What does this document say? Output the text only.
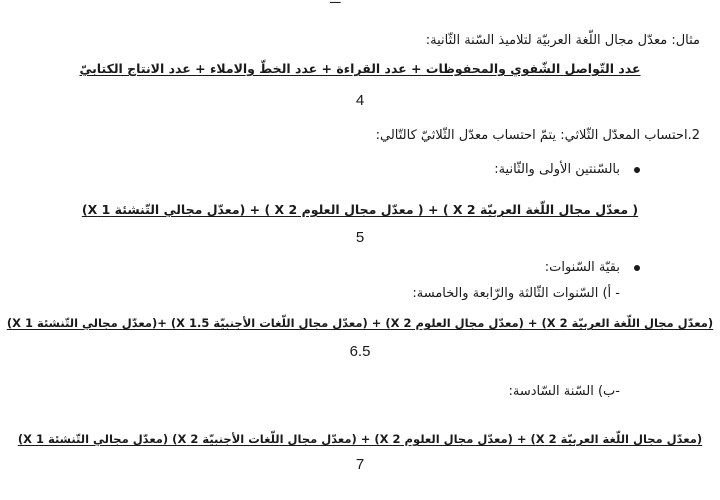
مثال: معدّل مجال اللّغة العربيّة لتلاميذ السّنة الثّانية:
عدد التّواصل الشّفوي والمحفوظات + عدد القراءة + عدد الخطّ والاملاء + عدد الانتاج الكتابيّ
4
2.احتساب المعدّل الثّلاثي: يتمّ احتساب معدّل الثّلاثيّ كالتّالي:
بالسّنتين الأولى والثّانية:
( معدّل مجال اللّغة العربيّة 2 X ) + ( معدّل مجال العلوم 2 X ) + (معدّل مجالي التّنشئة 1 X)
5
بقيّة السّنوات:
- أ) السّنوات الثّالثة والرّابعة والخامسة:
(معدّل مجال اللّغة العربيّة 2 X) + (معدّل مجال العلوم 2 X) + (معدّل مجال اللّغات الأجنبيّة 1.5 X) +(معدّل مجالي التّنشئة 1 X)
6.5
-ب) السّنة السّادسة:
(معدّل مجال اللّغة العربيّة 2 X) + (معدّل مجال العلوم 2 X) + (معدّل مجال اللّغات الأجنبيّة 2 X) (معدّل مجالي التّنشئة 1 X)
7
